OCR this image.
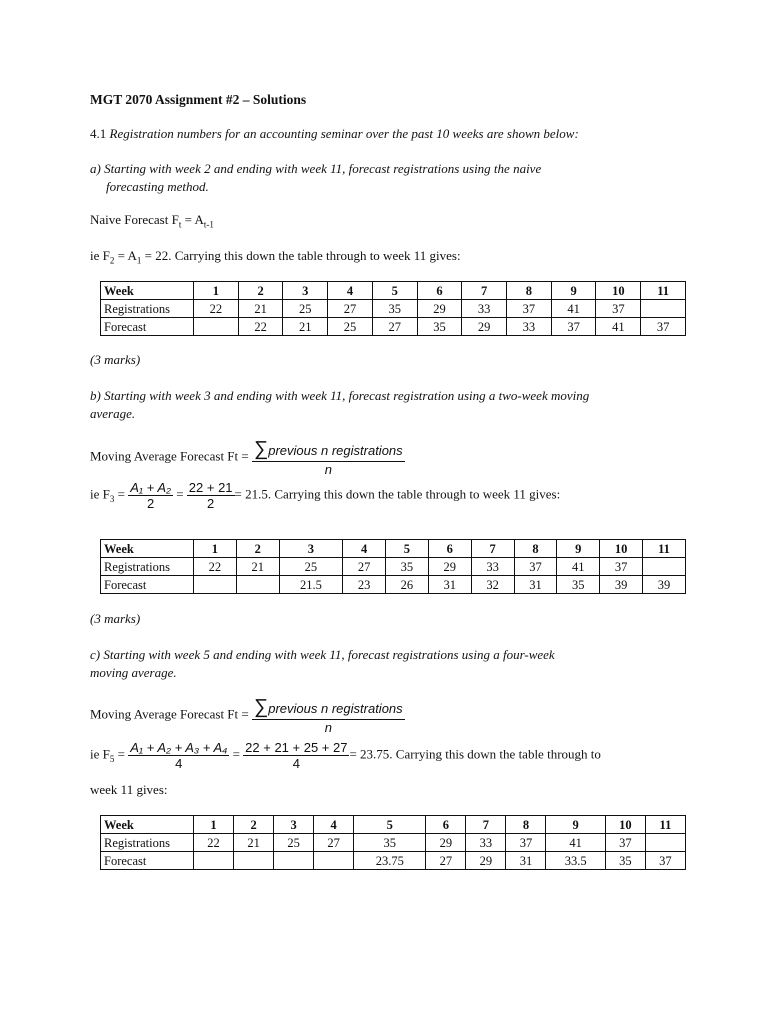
MGT 2070 Assignment #2 – Solutions
4.1 Registration numbers for an accounting seminar over the past 10 weeks are shown below:
a) Starting with week 2 and ending with week 11, forecast registrations using the naive
forecasting method.
Naive Forecast $F_t = A_{t-1}$
ie $F_2 = A_1 = 22$. Carrying this down the table through to week 11 gives:
Week	1	2	3	4	5	6	7	8	9	10	11
Registrations	22	21	25	27	35	29	33	37	41	37	
Forecast		22	21	25	27	35	29	33	37	41	37
(3 marks)
b) Starting with week 3 and ending with week 11, forecast registration using a two-week moving
average.
Moving Average Forecast $Ft = \frac{\text{∑previous n registrations}}{n}$
ie $F_3 = \frac{\text{A₁ + A₂}}{2} = \frac{22 + 21}{2} = 21.5$. Carrying this down the table through to week 11 gives:
Week	1	2	3	4	5	6	7	8	9	10	11
Registrations	22	21	25	27	35	29	33	37	41	37	
Forecast			21.5	23	26	31	32	31	35	39	39
(3 marks)
c) Starting with week 5 and ending with week 11, forecast registrations using a four-week
moving average.
Moving Average Forecast $Ft = \frac{\text{∑previous n registrations}}{n}$
ie $F_5 = \frac{\text{A₁ + A₂ + A₃ + A₄}}{4} = \frac{22 + 21 + 25 + 27}{4} = 23.75$. Carrying this down the table through to
week 11 gives:
Week	1	2	3	4	5	6	7	8	9	10	11
Registrations	22	21	25	27	35	29	33	37	41	37	
Forecast					23.75	27	29	31	33.5	35	37
